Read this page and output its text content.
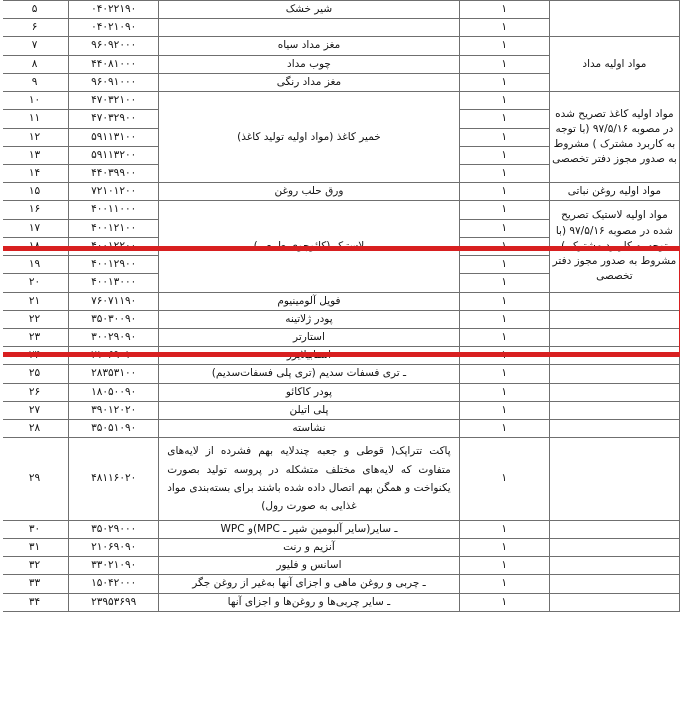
	١	شیر خشک	٠۴٠٢٢١٩٠	۵
	١		٠۴٠٢١٠٩٠	۶
مواد اولیه مداد	١	مغز مداد سیاه	٩۶٠٩٢٠٠٠	٧
	١	چوب مداد	۴۴٠٨١٠٠٠	٨
	١	مغز مداد رنگی	٩۶٠٩١٠٠٠	٩
مواد اولیه کاغذ تصریح شده در مصوبه ٩٧/۵/١۶ (با توجه به کاربرد مشترک ) مشروط به صدور مجوز دفتر تخصصی	١	خمیر کاغذ (مواد اولیه تولید کاغذ)	۴٧٠٣٢١٠٠	١٠
	١		۴٧٠٣٢٩٠٠	١١
	١		۵٩١١٣١٠٠	١٢
	١		۵٩١١٣٢٠٠	١٣
	١		۴۴٠٣٩٩٠٠	١۴
مواد اولیه روغن نباتی	١	ورق حلب روغن	٧٢١٠١٢٠٠	١۵
مواد اولیه لاستیک تصریح شده در مصوبه ٩٧/۵/١۶ (با توجه به کاربرد مشترک ) مشروط به صدور مجوز دفتر تخصصی	١	لاستیک (کائوچوی طبیعی)	۴٠٠١١٠٠٠	١۶
	١		۴٠٠١٢١٠٠	١٧
	١		۴٠٠١٢٢٠٠	١٨
	١		۴٠٠١٢٩٠٠	١٩
	١		۴٠٠١٣٠٠٠	٢٠
	١	فویل آلومینیوم	٧۶٠٧١١٩٠	٢١
	١	پودر ژلاتینه	٣۵٠٣٠٠٩٠	٢٢
	١	استارتر	٣٠٠٢٩٠٩٠	٢٣
	١	استابیلایزر	٢١٠۶٩٠١٠	٢۴
	١	ـ تری فسفات سدیم (تری پلی فسفات‌سدیم)	٢٨٣۵٣١٠٠	٢۵
	١	پودر کاکائو	١٨٠۵٠٠٩٠	٢۶
	١	پلی اتیلن	٣٩٠١٢٠٢٠	٢٧
	١	نشاسته	٣۵٠۵١٠٩٠	٢٨
	١	پاکت تتراپک( قوطی و جعبه چندلایه بهم فشرده از لایه‌های متفاوت که لایه‌های مختلف متشکله در پروسه تولید بصورت یکنواخت و همگن بهم اتصال داده شده باشند برای بسته‌بندی مواد غذایی به صورت رول)	۴٨١١۶٠٢٠	٢٩
	١	ـ سایر(سایر آلبومین شیر ـ MPC)و WPC	٣۵٠٢٩٠٠٠	٣٠
	١	آنزیم و رنت	٢١٠۶٩٠٩٠	٣١
	١	اسانس و فلیور	٣٣٠٢١٠٩٠	٣٢
	١	ـ چربی و روغن ماهی و اجزای آنها به‌غیر از روغن جگر	١۵٠۴٢٠٠٠	٣٣
	١	ـ سایر چربی‌ها و روغن‌ها و اجزای آنها	٢٣٩۵٣۶٩٩	٣۴
